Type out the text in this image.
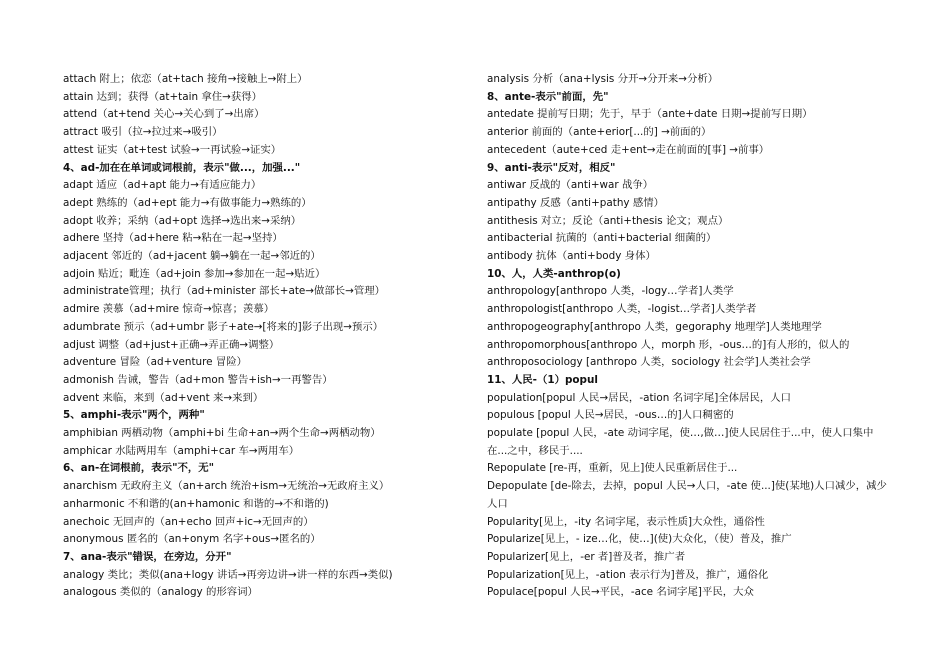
attach 附上；依恋（at+tach 接角→接触上→附上）
attain 达到；获得（at+tain 拿住→获得）
attend（at+tend 关心→关心到了→出席）
attract 吸引（拉→拉过来→吸引）
attest 证实（at+test 试验→一再试验→证实）
4、ad-加在在单词或词根前，表示"做...，加强..."
adapt 适应（ad+apt 能力→有适应能力）
adept 熟练的（ad+ept 能力→有做事能力→熟练的）
adopt 收养；采纳（ad+opt 选择→选出来→采纳）
adhere 坚持（ad+here 粘→粘在一起→坚持）
adjacent 邻近的（ad+jacent 躺→躺在一起→邻近的）
adjoin 贴近；毗连（ad+join 参加→参加在一起→贴近）
administrate管理；执行（ad+minister 部长+ate→做部长→管理）
admire 羡慕（ad+mire 惊奇→惊喜；羡慕）
adumbrate 预示（ad+umbr 影子+ate→[将来的]影子出现→预示）
adjust 调整（ad+just+正确→弄正确→调整）
adventure 冒险（ad+venture 冒险）
admonish 告诫，警告（ad+mon 警告+ish→一再警告）
advent 来临，来到（ad+vent 来→来到）
5、amphi-表示"两个，两种"
amphibian 两栖动物（amphi+bi 生命+an→两个生命→两栖动物）
amphicar 水陆两用车（amphi+car 车→两用车）
6、an-在词根前，表示"不，无"
anarchism 无政府主义（an+arch 统治+ism→无统治→无政府主义）
anharmonic 不和谐的(an+hamonic 和谐的→不和谐的)
anechoic 无回声的（an+echo 回声+ic→无回声的）
anonymous 匿名的（an+onym 名字+ous→匿名的）
7、ana-表示"错误，在旁边，分开"
analogy 类比；类似(ana+logy 讲话→再旁边讲→讲一样的东西→类似)
analogous 类似的（analogy 的形容词）
analysis 分析（ana+lysis 分开→分开来→分析）
8、ante-表示"前面，先"
antedate 提前写日期；先于，早于（ante+date 日期→提前写日期）
anterior 前面的（ante+erior[...的] →前面的）
antecedent（aute+ced 走+ent→走在前面的[事] →前事）
9、anti-表示"反对，相反"
antiwar 反战的（anti+war 战争）
antipathy 反感（anti+pathy 感情）
antithesis 对立；反论（anti+thesis 论文；观点）
antibacterial 抗菌的（anti+bacterial 细菌的）
antibody 抗体（anti+body 身体）
10、人，人类-anthrop(o)
anthropology[anthropo 人类，-logy…学者]人类学
anthropologist[anthropo 人类，-logist…学者]人类学者
anthropogeography[anthropo 人类，gegoraphy 地理学]人类地理学
anthropomorphous[anthropo 人，morph 形，-ous…的]有人形的，似人的
anthroposociology [anthropo 人类，sociology 社会学]人类社会学
11、人民-（1）popul
population[popul 人民→居民，-ation 名词字尾]全体居民，人口
populous [popul 人民→居民，-ous…的]人口稠密的
populate [popul 人民，-ate 动词字尾，使…,做…]使人民居住于...中，使人口集中在...之中，移民于....
Repopulate [re-再，重新，见上]使人民重新居住于...
Depopulate [de-除去，去掉，popul 人民→人口，-ate 使...]使(某地)人口减少，减少人口
Popularity[见上，-ity 名词字尾，表示性质]大众性，通俗性
Popularize[见上，- ize…化，使…](使)大众化，（使）普及，推广
Popularizer[见上，-er 者]普及者，推广者
Popularization[见上，-ation 表示行为]普及，推广，通俗化
Populace[popul 人民→平民，-ace 名词字尾]平民，大众
